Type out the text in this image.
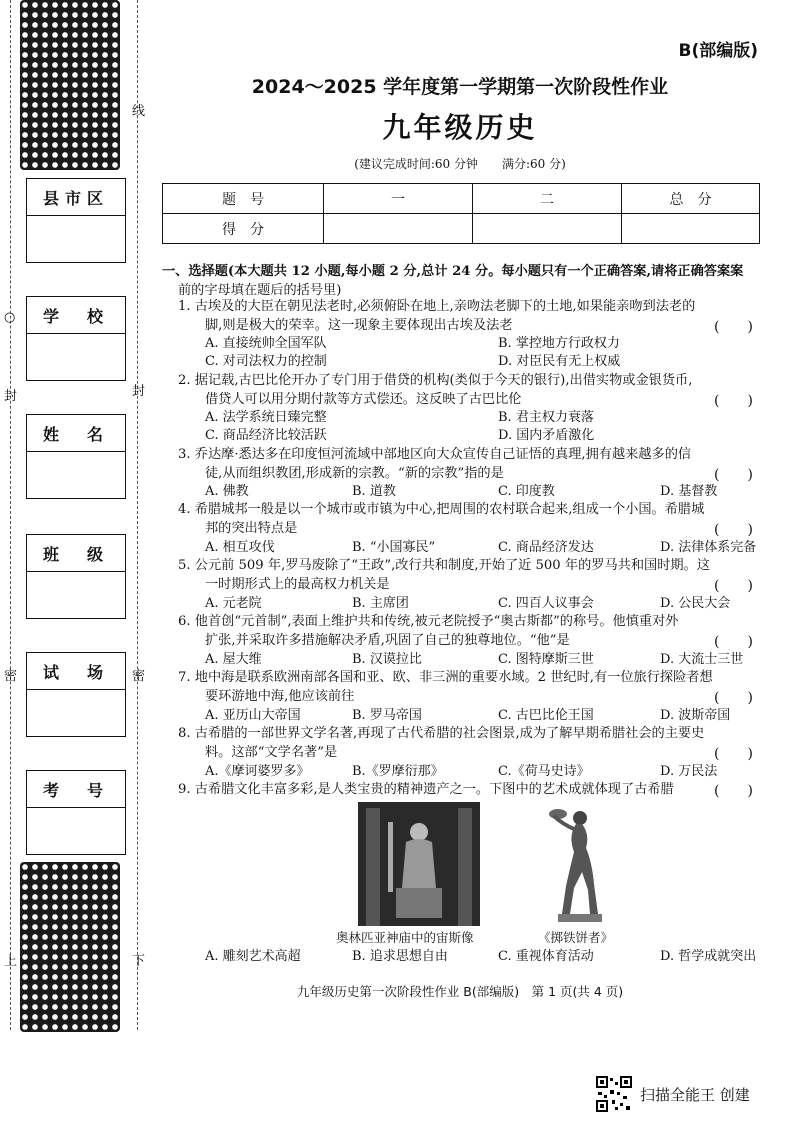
线
封
密
下
○
封
密
上
县市区
学　校
姓　名
班　级
试　场
考　号
B(部编版)
2024～2025 学年度第一学期第一次阶段性作业
九年级历史
(建议完成时间:60 分钟　　满分:60 分)
题　号	一	二	总　分
得　分			
一、选择题(本大题共 12 小题,每小题 2 分,总计 24 分。每小题只有一个正确答案,请将正确答案案
前的字母填在题后的括号里)
1. 古埃及的大臣在朝见法老时,必须俯卧在地上,亲吻法老脚下的土地,如果能亲吻到法老的
脚,则是极大的荣幸。这一现象主要体现出古埃及法老	(　　)
A. 直接统帅全国军队	B. 掌控地方行政权力
C. 对司法权力的控制	D. 对臣民有无上权威
2. 据记载,古巴比伦开办了专门用于借贷的机构(类似于今天的银行),出借实物或金银货币,
借贷人可以用分期付款等方式偿还。这反映了古巴比伦	(　　)
A. 法学系统日臻完整	B. 君主权力衰落
C. 商品经济比较活跃	D. 国内矛盾激化
3. 乔达摩·悉达多在印度恒河流域中部地区向大众宣传自己证悟的真理,拥有越来越多的信
徒,从而组织教团,形成新的宗教。“新的宗教”指的是	(　　)
A. 佛教	B. 道教	C. 印度教	D. 基督教
4. 希腊城邦一般是以一个城市或市镇为中心,把周围的农村联合起来,组成一个小国。希腊城
邦的突出特点是	(　　)
A. 相互攻伐	B. “小国寡民”	C. 商品经济发达	D. 法律体系完备
5. 公元前 509 年,罗马废除了“王政”,改行共和制度,开始了近 500 年的罗马共和国时期。这
一时期形式上的最高权力机关是	(　　)
A. 元老院	B. 主席团	C. 四百人议事会	D. 公民大会
6. 他首创“元首制”,表面上维护共和传统,被元老院授予“奥古斯都”的称号。他慎重对外
扩张,并采取许多措施解决矛盾,巩固了自己的独尊地位。“他”是	(　　)
A. 屋大维	B. 汉谟拉比	C. 图特摩斯三世	D. 大流士三世
7. 地中海是联系欧洲南部各国和亚、欧、非三洲的重要水域。2 世纪时,有一位旅行探险者想
要环游地中海,他应该前往	(　　)
A. 亚历山大帝国	B. 罗马帝国	C. 古巴比伦王国	D. 波斯帝国
8. 古希腊的一部世界文学名著,再现了古代希腊的社会图景,成为了解早期希腊社会的主要史
料。这部“文学名著”是	(　　)
A.《摩诃婆罗多》	B.《罗摩衍那》	C.《荷马史诗》	D. 万民法
9. 古希腊文化丰富多彩,是人类宝贵的精神遗产之一。下图中的艺术成就体现了古希腊	(　　)
奥林匹亚神庙中的宙斯像	《掷铁饼者》
A. 雕刻艺术高超	B. 追求思想自由	C. 重视体育活动	D. 哲学成就突出
九年级历史第一次阶段性作业 B(部编版)　第 1 页(共 4 页)
扫描全能王 创建
